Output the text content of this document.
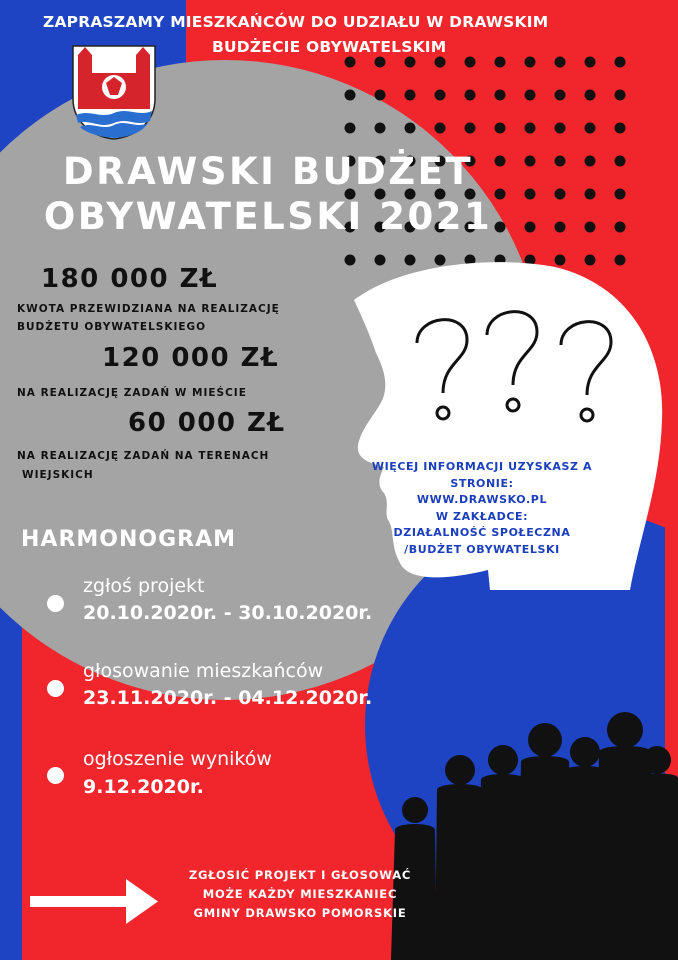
ZAPRASZAMY MIESZKAŃCÓW DO UDZIAŁU W DRAWSKIM
BUDŻECIE OBYWATELSKIM
DRAWSKI BUDŻET
OBYWATELSKI 2021
180 000 ZŁ
KWOTA PRZEWIDZIANA NA REALIZACJĘ
BUDŻETU OBYWATELSKIEGO
120 000 ZŁ
NA REALIZACJĘ ZADAŃ W MIEŚCIE
60 000 ZŁ
NA REALIZACJĘ ZADAŃ NA TERENACH
WIEJSKICH
HARMONOGRAM
zgłoś projekt
20.10.2020r. - 30.10.2020r.
głosowanie mieszkańców
23.11.2020r. - 04.12.2020r.
ogłoszenie wyników
9.12.2020r.
WIĘCEJ INFORMACJI UZYSKASZ A
STRONIE:
WWW.DRAWSKO.PL
W ZAKŁADCE:
DZIAŁALNOŚĆ SPOŁECZNA
/BUDŻET OBYWATELSKI
ZGŁOSIĆ PROJEKT I GŁOSOWAĆ
MOŻE KAŻDY MIESZKANIEC
GMINY DRAWSKO POMORSKIE
